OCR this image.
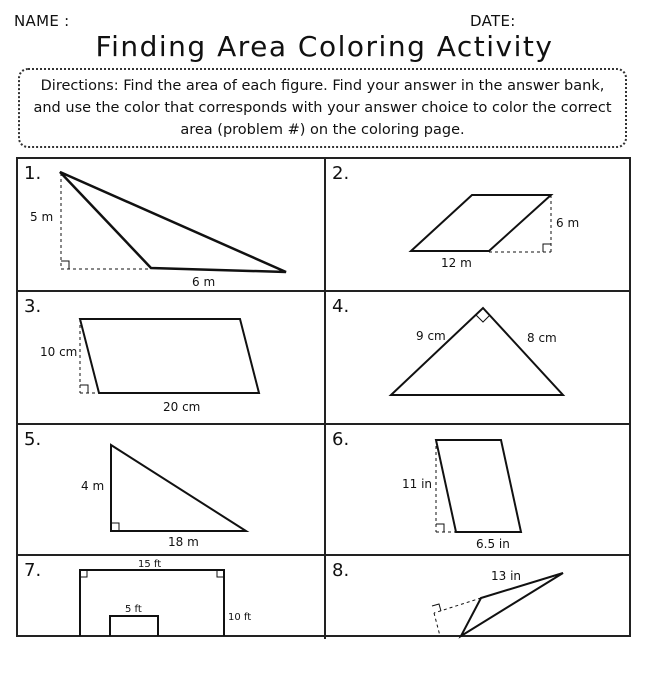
NAME :	DATE:
Finding Area Coloring Activity
Directions: Find the area of each figure. Find your answer in the answer bank, and use the color that corresponds with your answer choice to color the correct area (problem #) on the coloring page.
1.
5 m
6 m
2.
6 m
12 m
3.
10 cm
20 cm
4.
9 cm	8 cm
5.
4 m
18 m
6.
11 in
6.5 in
7.	15 ft
5 ft
10 ft
8.	13 in
